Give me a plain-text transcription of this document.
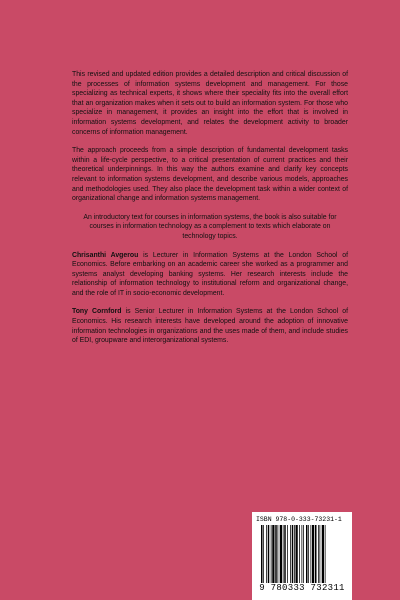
This revised and updated edition provides a detailed description and critical discussion of the processes of information systems development and management. For those specializing as technical experts, it shows where their speciality fits into the overall effort that an organization makes when it sets out to build an information system. For those who specialize in management, it provides an insight into the effort that is involved in information systems development, and relates the development activity to broader concerns of information management.

The approach proceeds from a simple description of fundamental development tasks within a life-cycle perspective, to a critical presentation of current practices and their theoretical underpinnings. In this way the authors examine and clarify key concepts relevant to information systems development, and describe various models, approaches and methodologies used. They also place the development task within a wider context of organizational change and information systems management.

An introductory text for courses in information systems, the book is also suitable for courses in information technology as a complement to texts which elaborate on technology topics.

Chrisanthi Avgerou is Lecturer in Information Systems at the London School of Economics. Before embarking on an academic career she worked as a programmer and systems analyst developing banking systems. Her research interests include the relationship of information technology to institutional reform and organizational change, and the role of IT in socio-economic development.

Tony Cornford is Senior Lecturer in Information Systems at the London School of Economics. His research interests have developed around the adoption of innovative information technologies in organizations and the uses made of them, and include studies of EDI, groupware and interorganizational systems.

ISBN 978-0-333-73231-1
9 780333 732311
